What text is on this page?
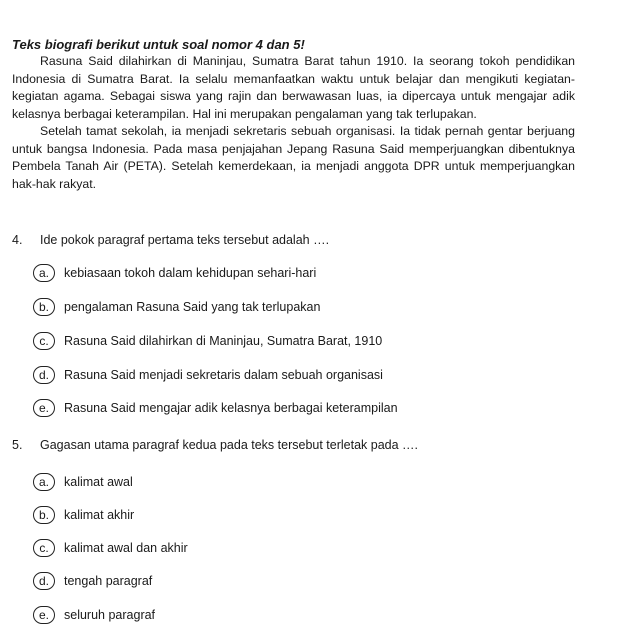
Teks biografi berikut untuk soal nomor 4 dan 5!

Rasuna Said dilahirkan di Maninjau, Sumatra Barat tahun 1910. Ia seorang tokoh pendidikan Indonesia di Sumatra Barat. Ia selalu memanfaatkan waktu untuk belajar dan mengikuti kegiatan-kegiatan agama. Sebagai siswa yang rajin dan berwawasan luas, ia dipercaya untuk mengajar adik kelasnya berbagai keterampilan. Hal ini merupakan pengalaman yang tak terlupakan.

Setelah tamat sekolah, ia menjadi sekretaris sebuah organisasi. Ia tidak pernah gentar berjuang untuk bangsa Indonesia. Pada masa penjajahan Jepang Rasuna Said memperjuangkan dibentuknya Pembela Tanah Air (PETA). Setelah kemerdekaan, ia menjadi anggota DPR untuk memperjuangkan hak-hak rakyat.

4.	Ide pokok paragraf pertama teks tersebut adalah ….
a.	kebiasaan tokoh dalam kehidupan sehari-hari
b.	pengalaman Rasuna Said yang tak terlupakan
c.	Rasuna Said dilahirkan di Maninjau, Sumatra Barat, 1910
d.	Rasuna Said menjadi sekretaris dalam sebuah organisasi
e.	Rasuna Said mengajar adik kelasnya berbagai keterampilan
5.	Gagasan utama paragraf kedua pada teks tersebut terletak pada ….
a.	kalimat awal
b.	kalimat akhir
c.	kalimat awal dan akhir
d.	tengah paragraf
e.	seluruh paragraf
